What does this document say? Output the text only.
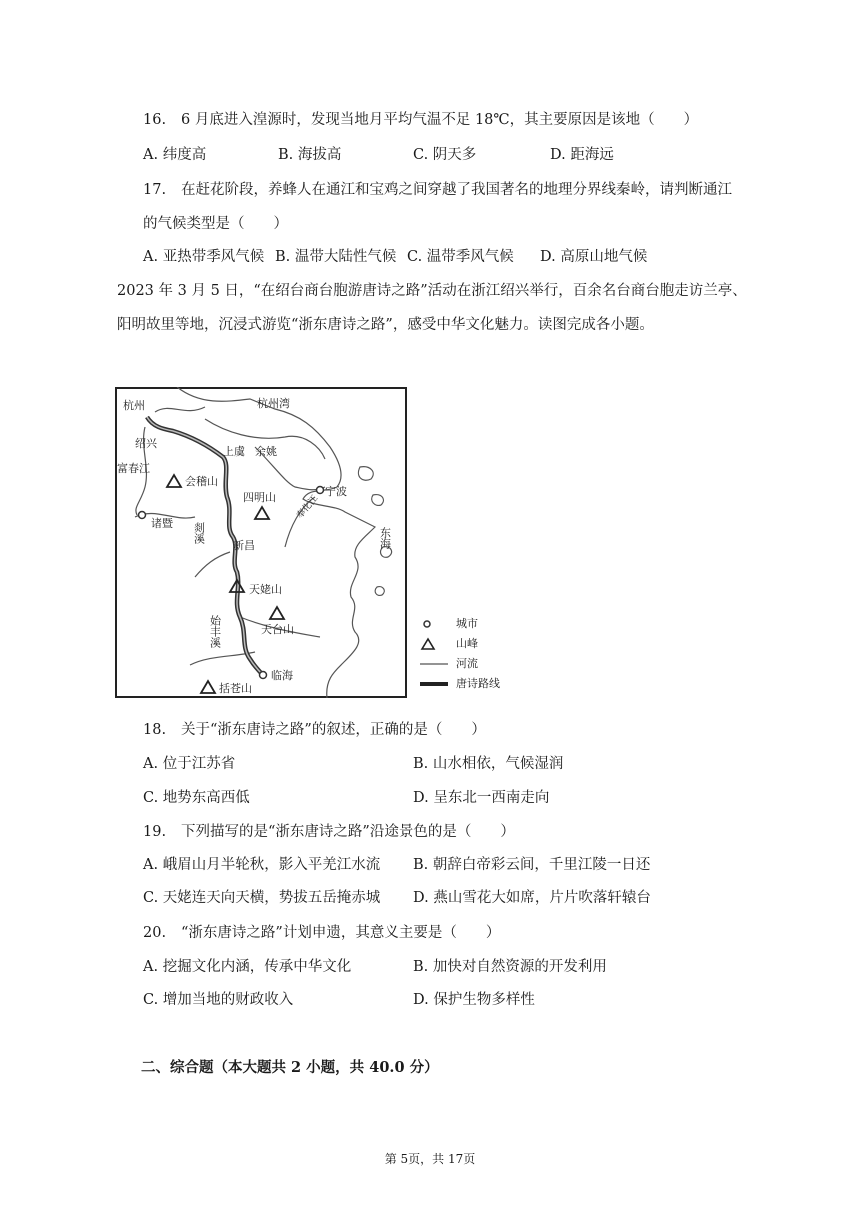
16. 6 月底进入湟源时，发现当地月平均气温不足 18℃，其主要原因是该地（　　）
A. 纬度高	B. 海拔高	C. 阴天多	D. 距海远
17. 在赶花阶段，养蜂人在通江和宝鸡之间穿越了我国著名的地理分界线秦岭，请判断通江
的气候类型是（　　）
A. 亚热带季风气候 B. 温带大陆性气候 C. 温带季风气候 D. 高原山地气候
2023 年 3 月 5 日，“在绍台商台胞游唐诗之路”活动在浙江绍兴举行，百余名台商台胞走访兰亭、
阳明故里等地，沉浸式游览“浙东唐诗之路”，感受中华文化魅力。读图完成各小题。
杭州	杭州湾
绍兴
上虞 余姚
富春江
会稽山
四明山	宁波
诸暨 剡溪
新昌	东海
天姥山
天台山
始丰溪
临海
括苍山
奉化江
城市
山峰
河流
唐诗路线
18. 关于“浙东唐诗之路”的叙述，正确的是（　　）
A. 位于江苏省	B. 山水相依，气候湿润
C. 地势东高西低	D. 呈东北一西南走向
19. 下列描写的是“浙东唐诗之路”沿途景色的是（　　）
A. 峨眉山月半轮秋，影入平羌江水流 B. 朝辞白帝彩云间，千里江陵一日还
C. 天姥连天向天横，势拔五岳掩赤城 D. 燕山雪花大如席，片片吹落轩辕台
20. “浙东唐诗之路”计划申遗，其意义主要是（　　）
A. 挖掘文化内涵，传承中华文化	B. 加快对自然资源的开发利用
C. 增加当地的财政收入	D. 保护生物多样性
二、综合题（本大题共 2 小题，共 40.0 分）
第 5页，共 17页
